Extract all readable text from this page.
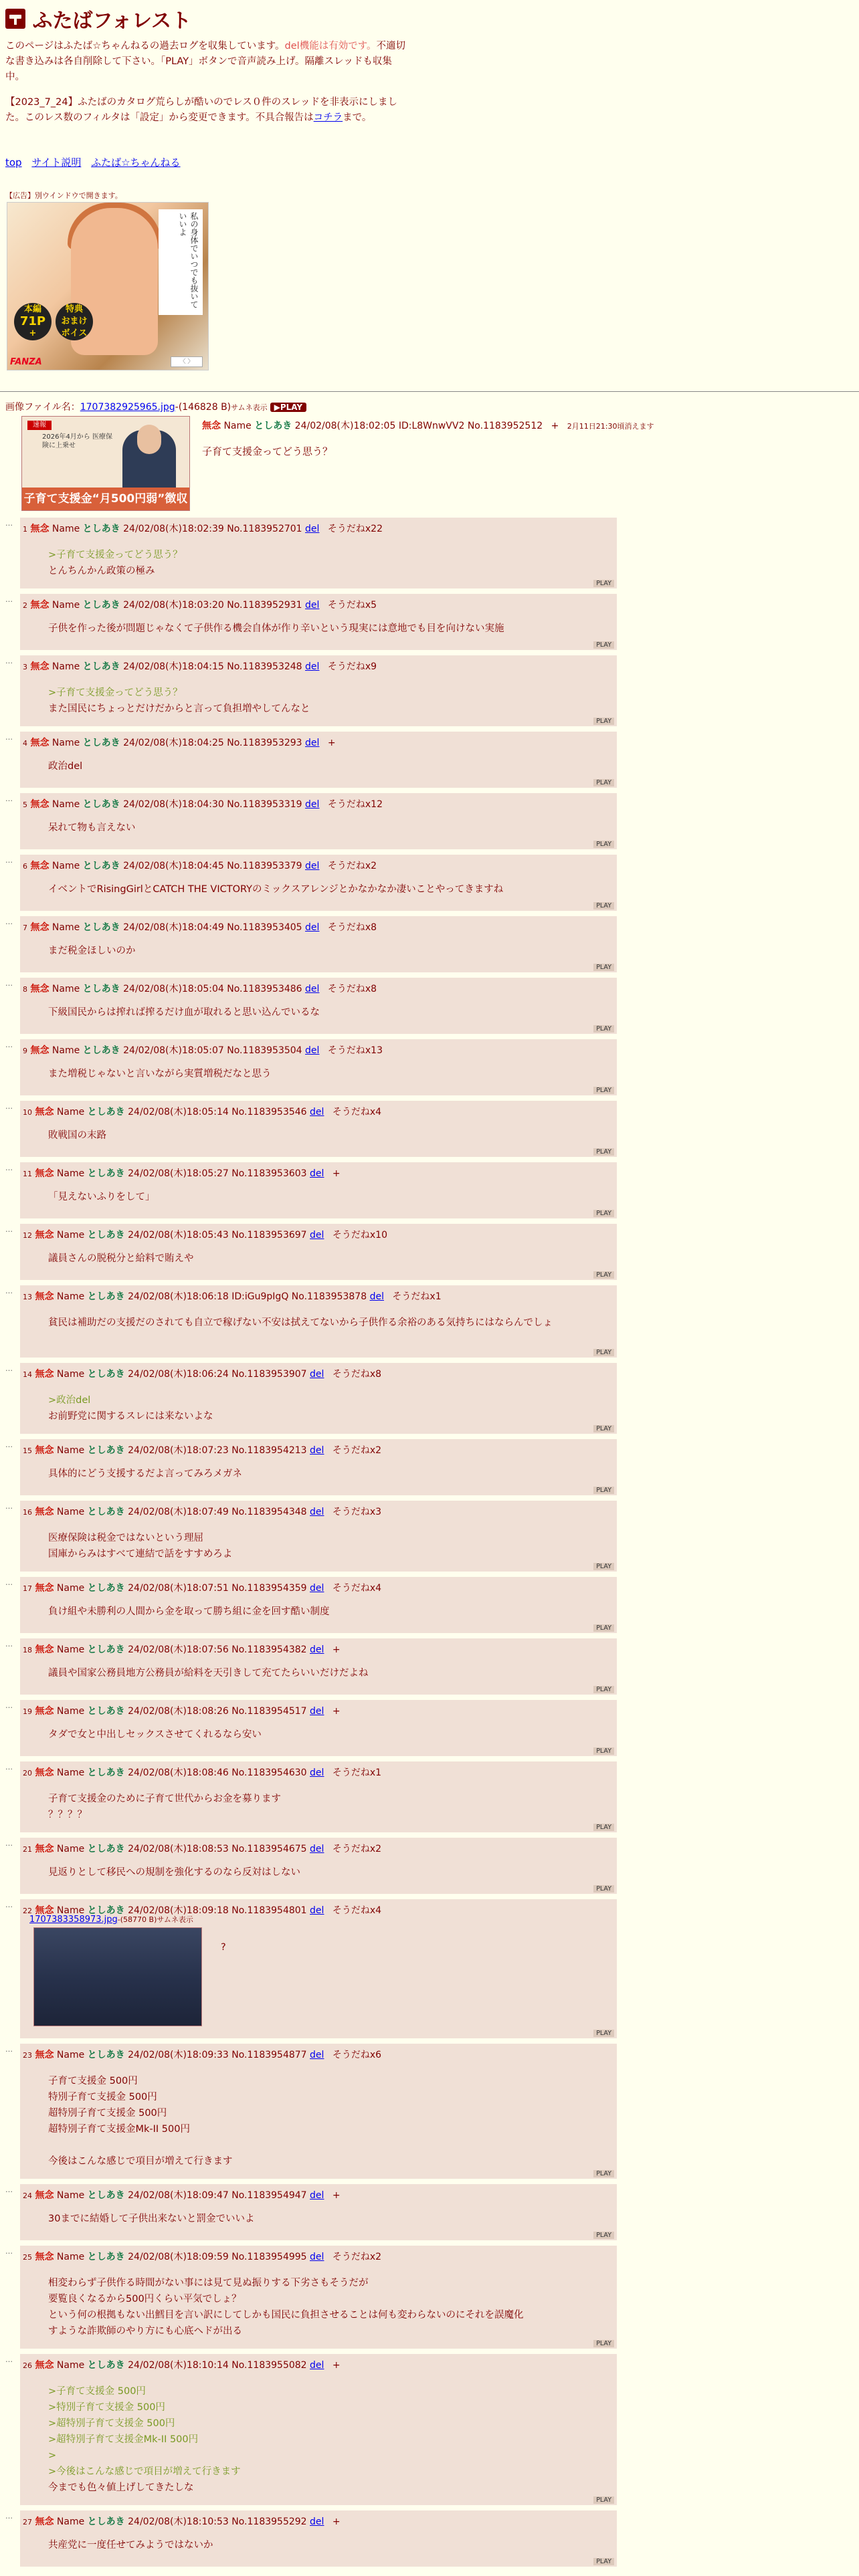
ふたばフォレスト
このページはふたば☆ちゃんねるの過去ログを収集しています。del機能は有効です。不適切な書き込みは各自削除して下さい。「PLAY」ボタンで音声読み上げ。隔離スレッドも収集中。
【2023_7_24】ふたばのカタログ荒らしが酷いのでレス０件のスレッドを非表示にしました。このレス数のフィルタは「設定」から変更できます。不具合報告はコチラまで。
top サイト説明 ふたば☆ちゃんねる
【広告】別ウインドウで開きます。
私の身体でいつでも抜いていいよ
本編
71P
+
特典
おまけ
ボイス
FANZA	〈 〉
画像ファイル名：1707382925965.jpg-(146828 B)サムネ表示 ▶PLAY
速報
2026年4月から 医療保険に上乗せ
子育て支援金“月500円弱”徴収
無念 Name としあき 24/02/08(木)18:02:05 ID:L8WnwVV2 No.1183952512 + 2月11日21:30頃消えます
子育て支援金ってどう思う？
…
1 無念 Name としあき 24/02/08(木)18:02:39 No.1183952701 del そうだねx22
>子育て支援金ってどう思う？
とんちんかん政策の極み
PLAY
…
2 無念 Name としあき 24/02/08(木)18:03:20 No.1183952931 del そうだねx5
子供を作った後が問題じゃなくて子供作る機会自体が作り辛いという現実には意地でも目を向けない実施
PLAY
…
3 無念 Name としあき 24/02/08(木)18:04:15 No.1183953248 del そうだねx9
>子育て支援金ってどう思う？
また国民にちょっとだけだからと言って負担増やしてんなと
PLAY
…
4 無念 Name としあき 24/02/08(木)18:04:25 No.1183953293 del +
政治del
PLAY
…
5 無念 Name としあき 24/02/08(木)18:04:30 No.1183953319 del そうだねx12
呆れて物も言えない
PLAY
…
6 無念 Name としあき 24/02/08(木)18:04:45 No.1183953379 del そうだねx2
イベントでRisingGirlとCATCH THE VICTORYのミックスアレンジとかなかなか凄いことやってきますね
PLAY
…
7 無念 Name としあき 24/02/08(木)18:04:49 No.1183953405 del そうだねx8
まだ税金ほしいのか
PLAY
…
8 無念 Name としあき 24/02/08(木)18:05:04 No.1183953486 del そうだねx8
下級国民からは搾れば搾るだけ血が取れると思い込んでいるな
PLAY
…
9 無念 Name としあき 24/02/08(木)18:05:07 No.1183953504 del そうだねx13
また増税じゃないと言いながら実質増税だなと思う
PLAY
…
10 無念 Name としあき 24/02/08(木)18:05:14 No.1183953546 del そうだねx4
敗戦国の末路
PLAY
…
11 無念 Name としあき 24/02/08(木)18:05:27 No.1183953603 del +
「見えないふりをして」
PLAY
…
12 無念 Name としあき 24/02/08(木)18:05:43 No.1183953697 del そうだねx10
議員さんの脱税分と給料で賄えや
PLAY
…
13 無念 Name としあき 24/02/08(木)18:06:18 ID:iGu9pIgQ No.1183953878 del そうだねx1
貧民は補助だの支援だのされても自立で稼げない不安は拭えてないから子供作る余裕のある気持ちにはならんでしょ
PLAY
…
14 無念 Name としあき 24/02/08(木)18:06:24 No.1183953907 del そうだねx8
>政治del
お前野党に関するスレには来ないよな
PLAY
…
15 無念 Name としあき 24/02/08(木)18:07:23 No.1183954213 del そうだねx2
具体的にどう支援するだよ言ってみろメガネ
PLAY
…
16 無念 Name としあき 24/02/08(木)18:07:49 No.1183954348 del そうだねx3
医療保険は税金ではないという理屈
国庫からみはすべて連結で話をすすめろよ
PLAY
…
17 無念 Name としあき 24/02/08(木)18:07:51 No.1183954359 del そうだねx4
負け組や未勝利の人間から金を取って勝ち組に金を回す酷い制度
PLAY
…
18 無念 Name としあき 24/02/08(木)18:07:56 No.1183954382 del +
議員や国家公務員地方公務員が給料を天引きして充てたらいいだけだよね
PLAY
…
19 無念 Name としあき 24/02/08(木)18:08:26 No.1183954517 del +
タダで女と中出しセックスさせてくれるなら安い
PLAY
…
20 無念 Name としあき 24/02/08(木)18:08:46 No.1183954630 del そうだねx1
子育て支援金のために子育て世代からお金を募ります
？？？？
PLAY
…
21 無念 Name としあき 24/02/08(木)18:08:53 No.1183954675 del そうだねx2
見返りとして移民への規制を強化するのなら反対はしない
PLAY
…
22 無念 Name としあき 24/02/08(木)18:09:18 No.1183954801 del そうだねx4
1707383358973.jpg-(58770 B)サムネ表示
?
PLAY
…
23 無念 Name としあき 24/02/08(木)18:09:33 No.1183954877 del そうだねx6
子育て支援金 500円
特別子育て支援金 500円
超特別子育て支援金 500円
超特別子育て支援金Mk-II 500円
今後はこんな感じで項目が増えて行きます
PLAY
…
24 無念 Name としあき 24/02/08(木)18:09:47 No.1183954947 del +
30までに結婚して子供出来ないと罰金でいいよ
PLAY
…
25 無念 Name としあき 24/02/08(木)18:09:59 No.1183954995 del そうだねx2
相変わらず子供作る時間がない事には見て見ぬ振りする下劣さもそうだが
要覧良くなるから500円くらい平気でしょ？
という何の根拠もない出鱈目を言い訳にしてしかも国民に負担させることは何も変わらないのにそれを誤魔化
すような詐欺師のやり方にも心底ヘドが出る
PLAY
…
26 無念 Name としあき 24/02/08(木)18:10:14 No.1183955082 del +
>子育て支援金 500円
>特別子育て支援金 500円
>超特別子育て支援金 500円
>超特別子育て支援金Mk-II 500円
>
>今後はこんな感じで項目が増えて行きます
今までも色々値上げしてきたしな
PLAY
…
27 無念 Name としあき 24/02/08(木)18:10:53 No.1183955292 del +
共産党に一度任せてみようではないか
PLAY
